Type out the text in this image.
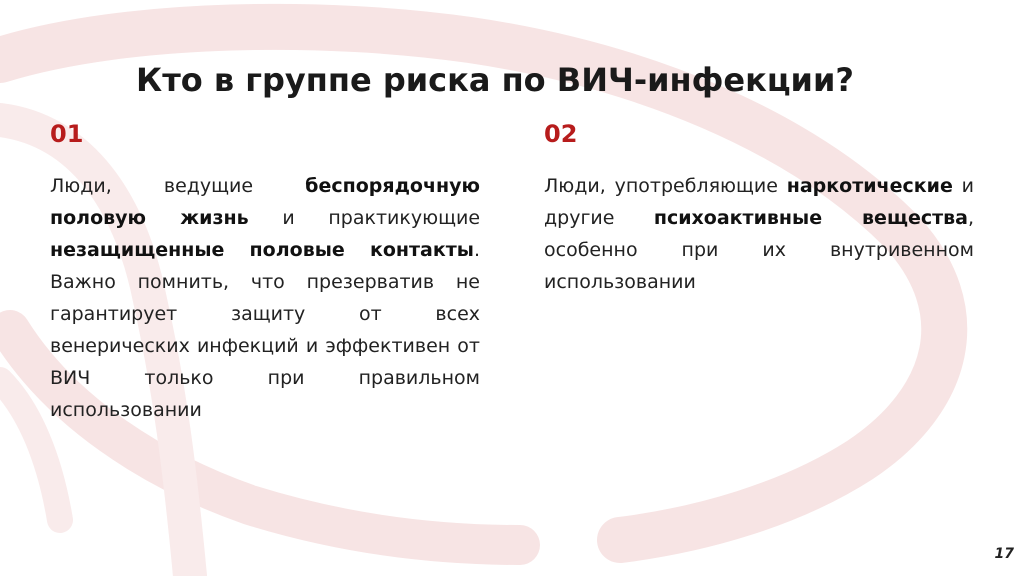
Кто в группе риска по ВИЧ-инфекции?
01
Люди, ведущие беспорядочную половую жизнь и практикующие незащищенные половые контакты. Важно помнить, что презерватив не гарантирует защиту от всех венерических инфекций и эффективен от ВИЧ только при правильном использовании
02
Люди, употребляющие наркотические и другие психоактивные вещества, особенно при их внутривенном использовании
17
